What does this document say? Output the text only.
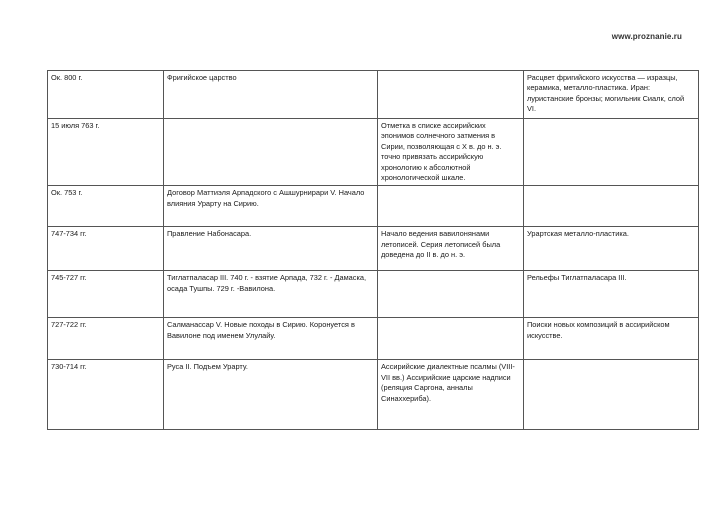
www.proznanie.ru
Ок. 800 г.	Фригийское царство		Расцвет фригийского искусства — изразцы, керамика, металло-пластика. Иран: луристанские бронзы; могильник Сиалк, слой VI.
15 июля 763 г.		Отметка в списке ассирийских эпонимов солнечного затмения в Сирии, позволяющая с X в. до н. э. точно привязать ассирийскую хронологию к абсолютной хронологической шкале.	
Ок. 753 г.	Договор Маттиэля Арпадского с Ашшурнирари V. Начало влияния Урарту на Сирию.		
747-734 гг.	Правление Набонасара.	Начало ведения вавилонянами летописей. Серия летописей была доведена до II в. до н. э.	Урартская металло-пластика.
745-727 гг.	Тиглатпаласар III. 740 г. - взятие Арпада, 732 г. - Дамаска, осада Тушпы. 729 г. -Вавилона.		Рельефы Тиглатпаласара III.
727-722 гг.	Салманассар V. Новые походы в Сирию. Коронуется в Вавилоне под именем Улулайу.		Поиски новых композиций в ассирийском искусстве.
730-714 гг.	Руса II. Подъем Урарту.	Ассирийские диалектные псалмы (VIII-VII вв.) Ассирийские царские надписи (реляция Саргона, анналы Синаххериба).	
